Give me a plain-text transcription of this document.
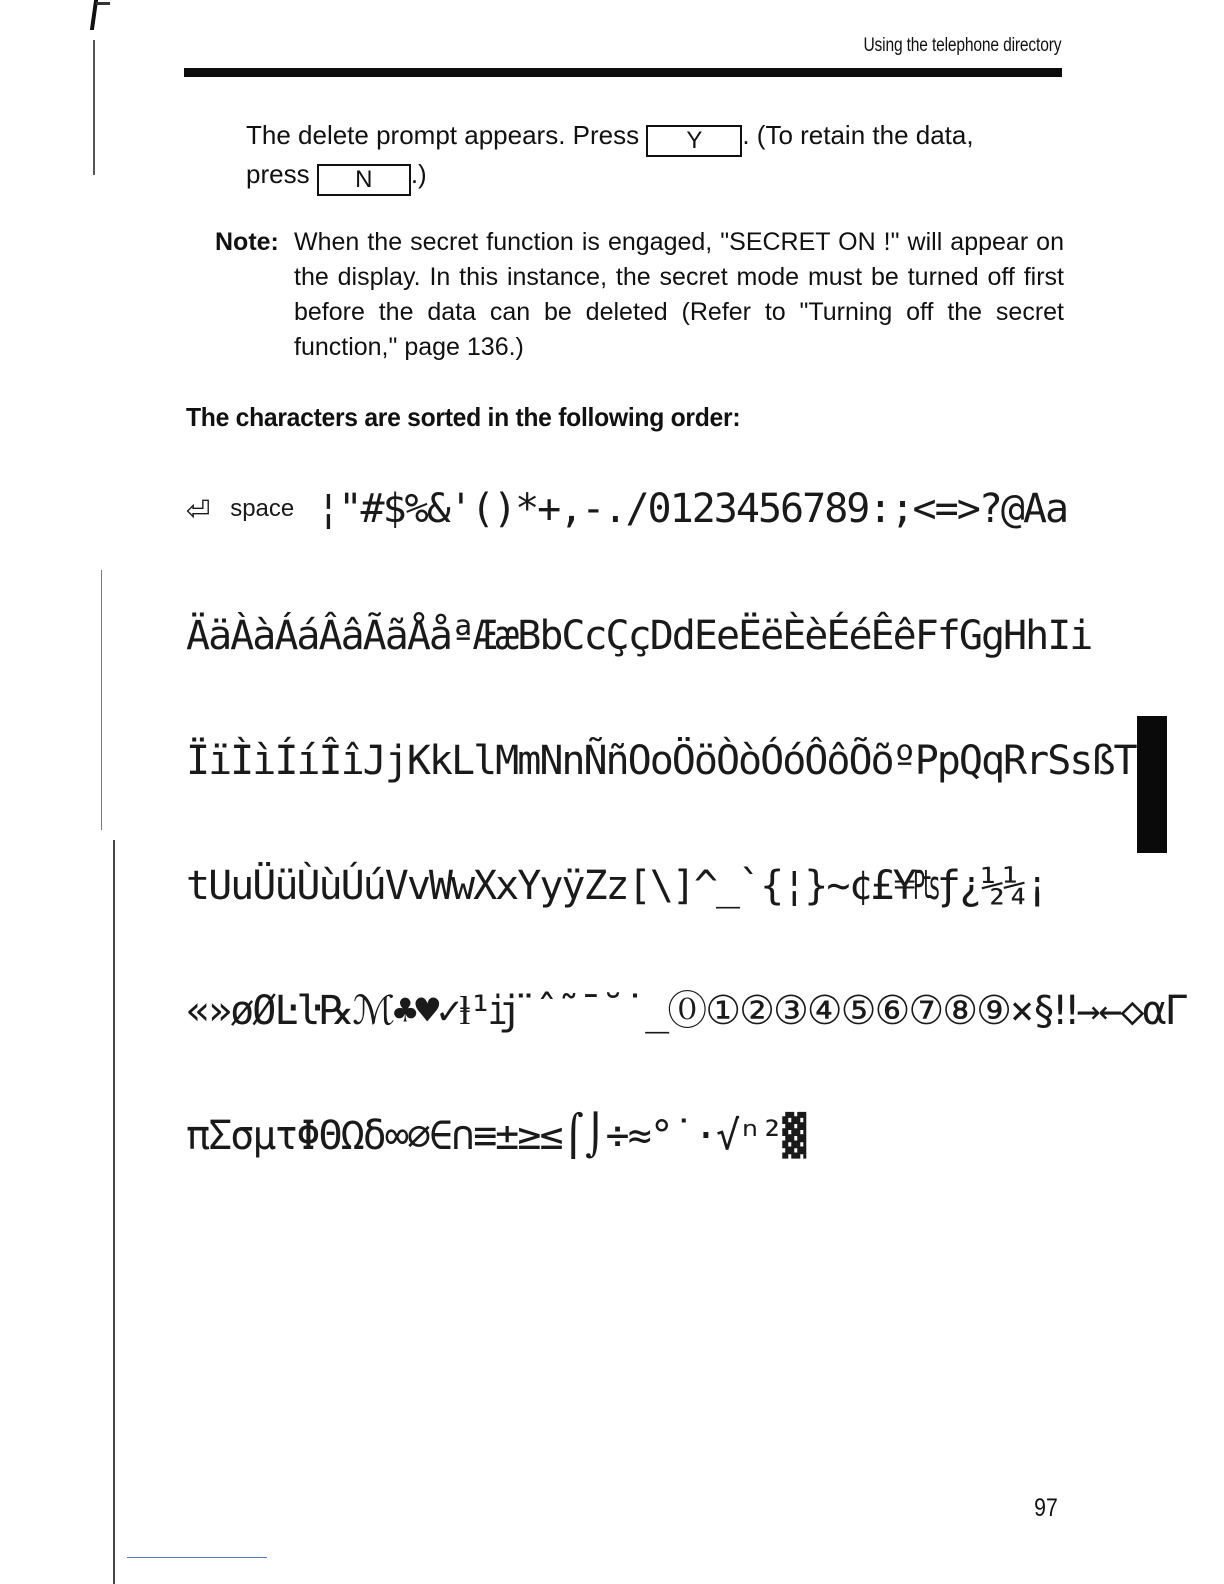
Using the telephone directory
The delete prompt appears. Press Y . (To retain the data,
press N .)
Note: When the secret function is engaged, "SECRET ON !" will appear on the display. In this instance, the secret mode must be turned off first before the data can be deleted (Refer to "Turning off the secret function," page 136.)
The characters are sorted in the following order:
⏎ space ¦"#$%&'()*+,-./0123456789:;<=>?@Aa
ÄäÀàÁáÂâÃãÅåªÆæBbCcÇçDdEeËëÈèÉéÊêFfGgHhIi
ÏïÌìÍíÎîJjKkLlMmNnÑñOoÖöÒòÓóÔôÕõºPpQqRrSsßT
tUuÜüÙùÚúVvWwXxYyÿZz[\]^_`{¦}~¢£¥₧ƒ¿½¼¡
«»øØĿŀ℞ℳ♣♥✓ⱡ¹ĳ¨ˆ˜¯˘˙_⓪①②③④⑤⑥⑦⑧⑨×§‼→←◇αΓ
πΣσμτΦΘΩδ∞∅∈∩≡±≥≤⌠⌡÷≈°˙·√ⁿ²▓
97
